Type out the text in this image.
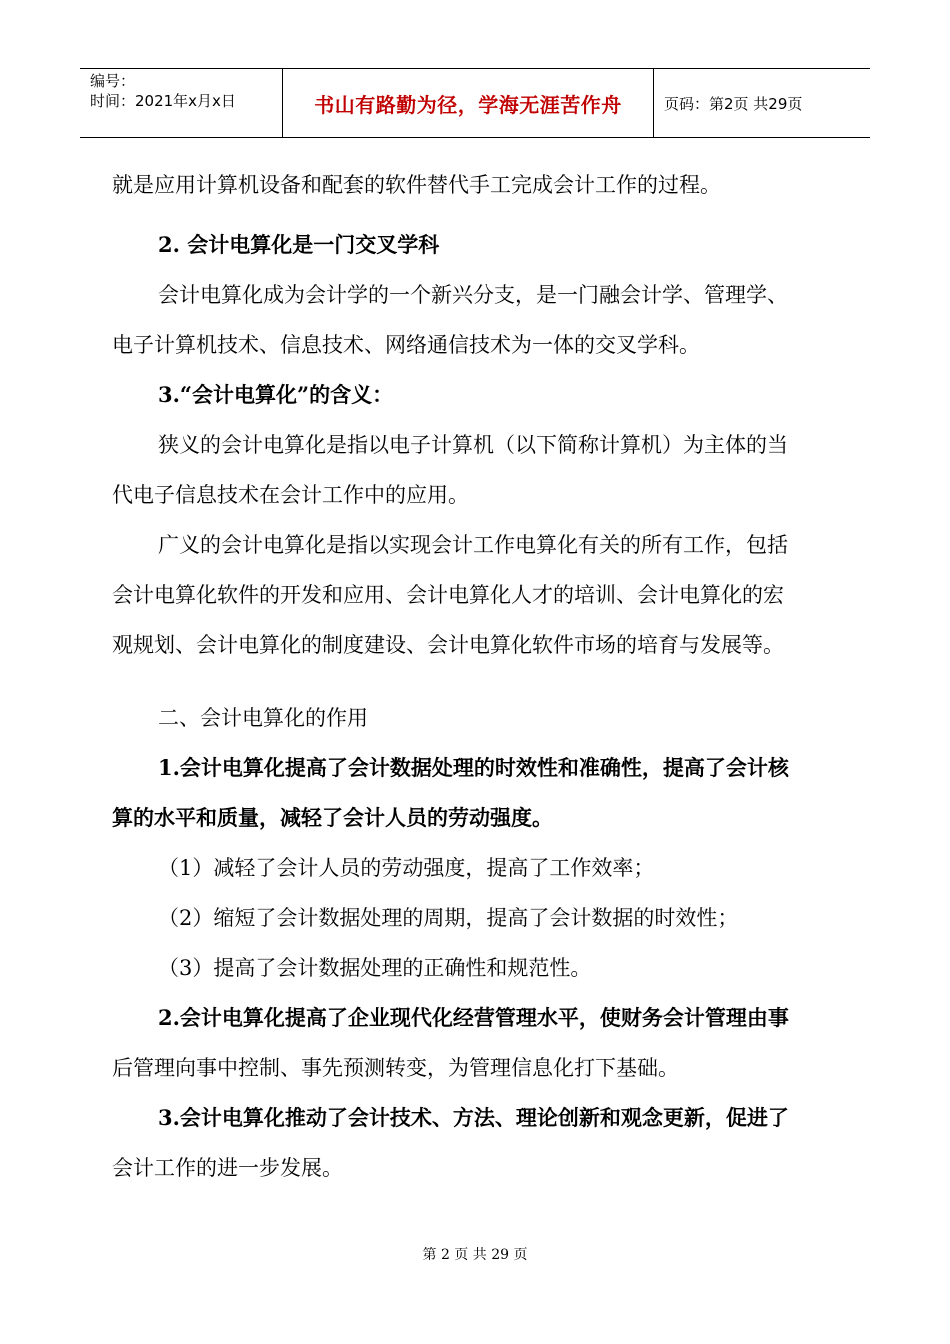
编号：
时间：2021年x月x日	书山有路勤为径，学海无涯苦作舟	页码：第2页 共29页
就是应用计算机设备和配套的软件替代手工完成会计工作的过程。
2. 会计电算化是一门交叉学科
会计电算化成为会计学的一个新兴分支，是一门融会计学、管理学、
电子计算机技术、信息技术、网络通信技术为一体的交叉学科。
3.“会计电算化”的含义：
狭义的会计电算化是指以电子计算机（以下简称计算机）为主体的当
代电子信息技术在会计工作中的应用。
广义的会计电算化是指以实现会计工作电算化有关的所有工作，包括
会计电算化软件的开发和应用、会计电算化人才的培训、会计电算化的宏
观规划、会计电算化的制度建设、会计电算化软件市场的培育与发展等。
二、会计电算化的作用
1.会计电算化提高了会计数据处理的时效性和准确性，提高了会计核
算的水平和质量，减轻了会计人员的劳动强度。
（1）减轻了会计人员的劳动强度，提高了工作效率；
（2）缩短了会计数据处理的周期，提高了会计数据的时效性；
（3）提高了会计数据处理的正确性和规范性。
2.会计电算化提高了企业现代化经营管理水平，使财务会计管理由事
后管理向事中控制、事先预测转变，为管理信息化打下基础。
3.会计电算化推动了会计技术、方法、理论创新和观念更新，促进了
会计工作的进一步发展。
第 2 页 共 29 页
